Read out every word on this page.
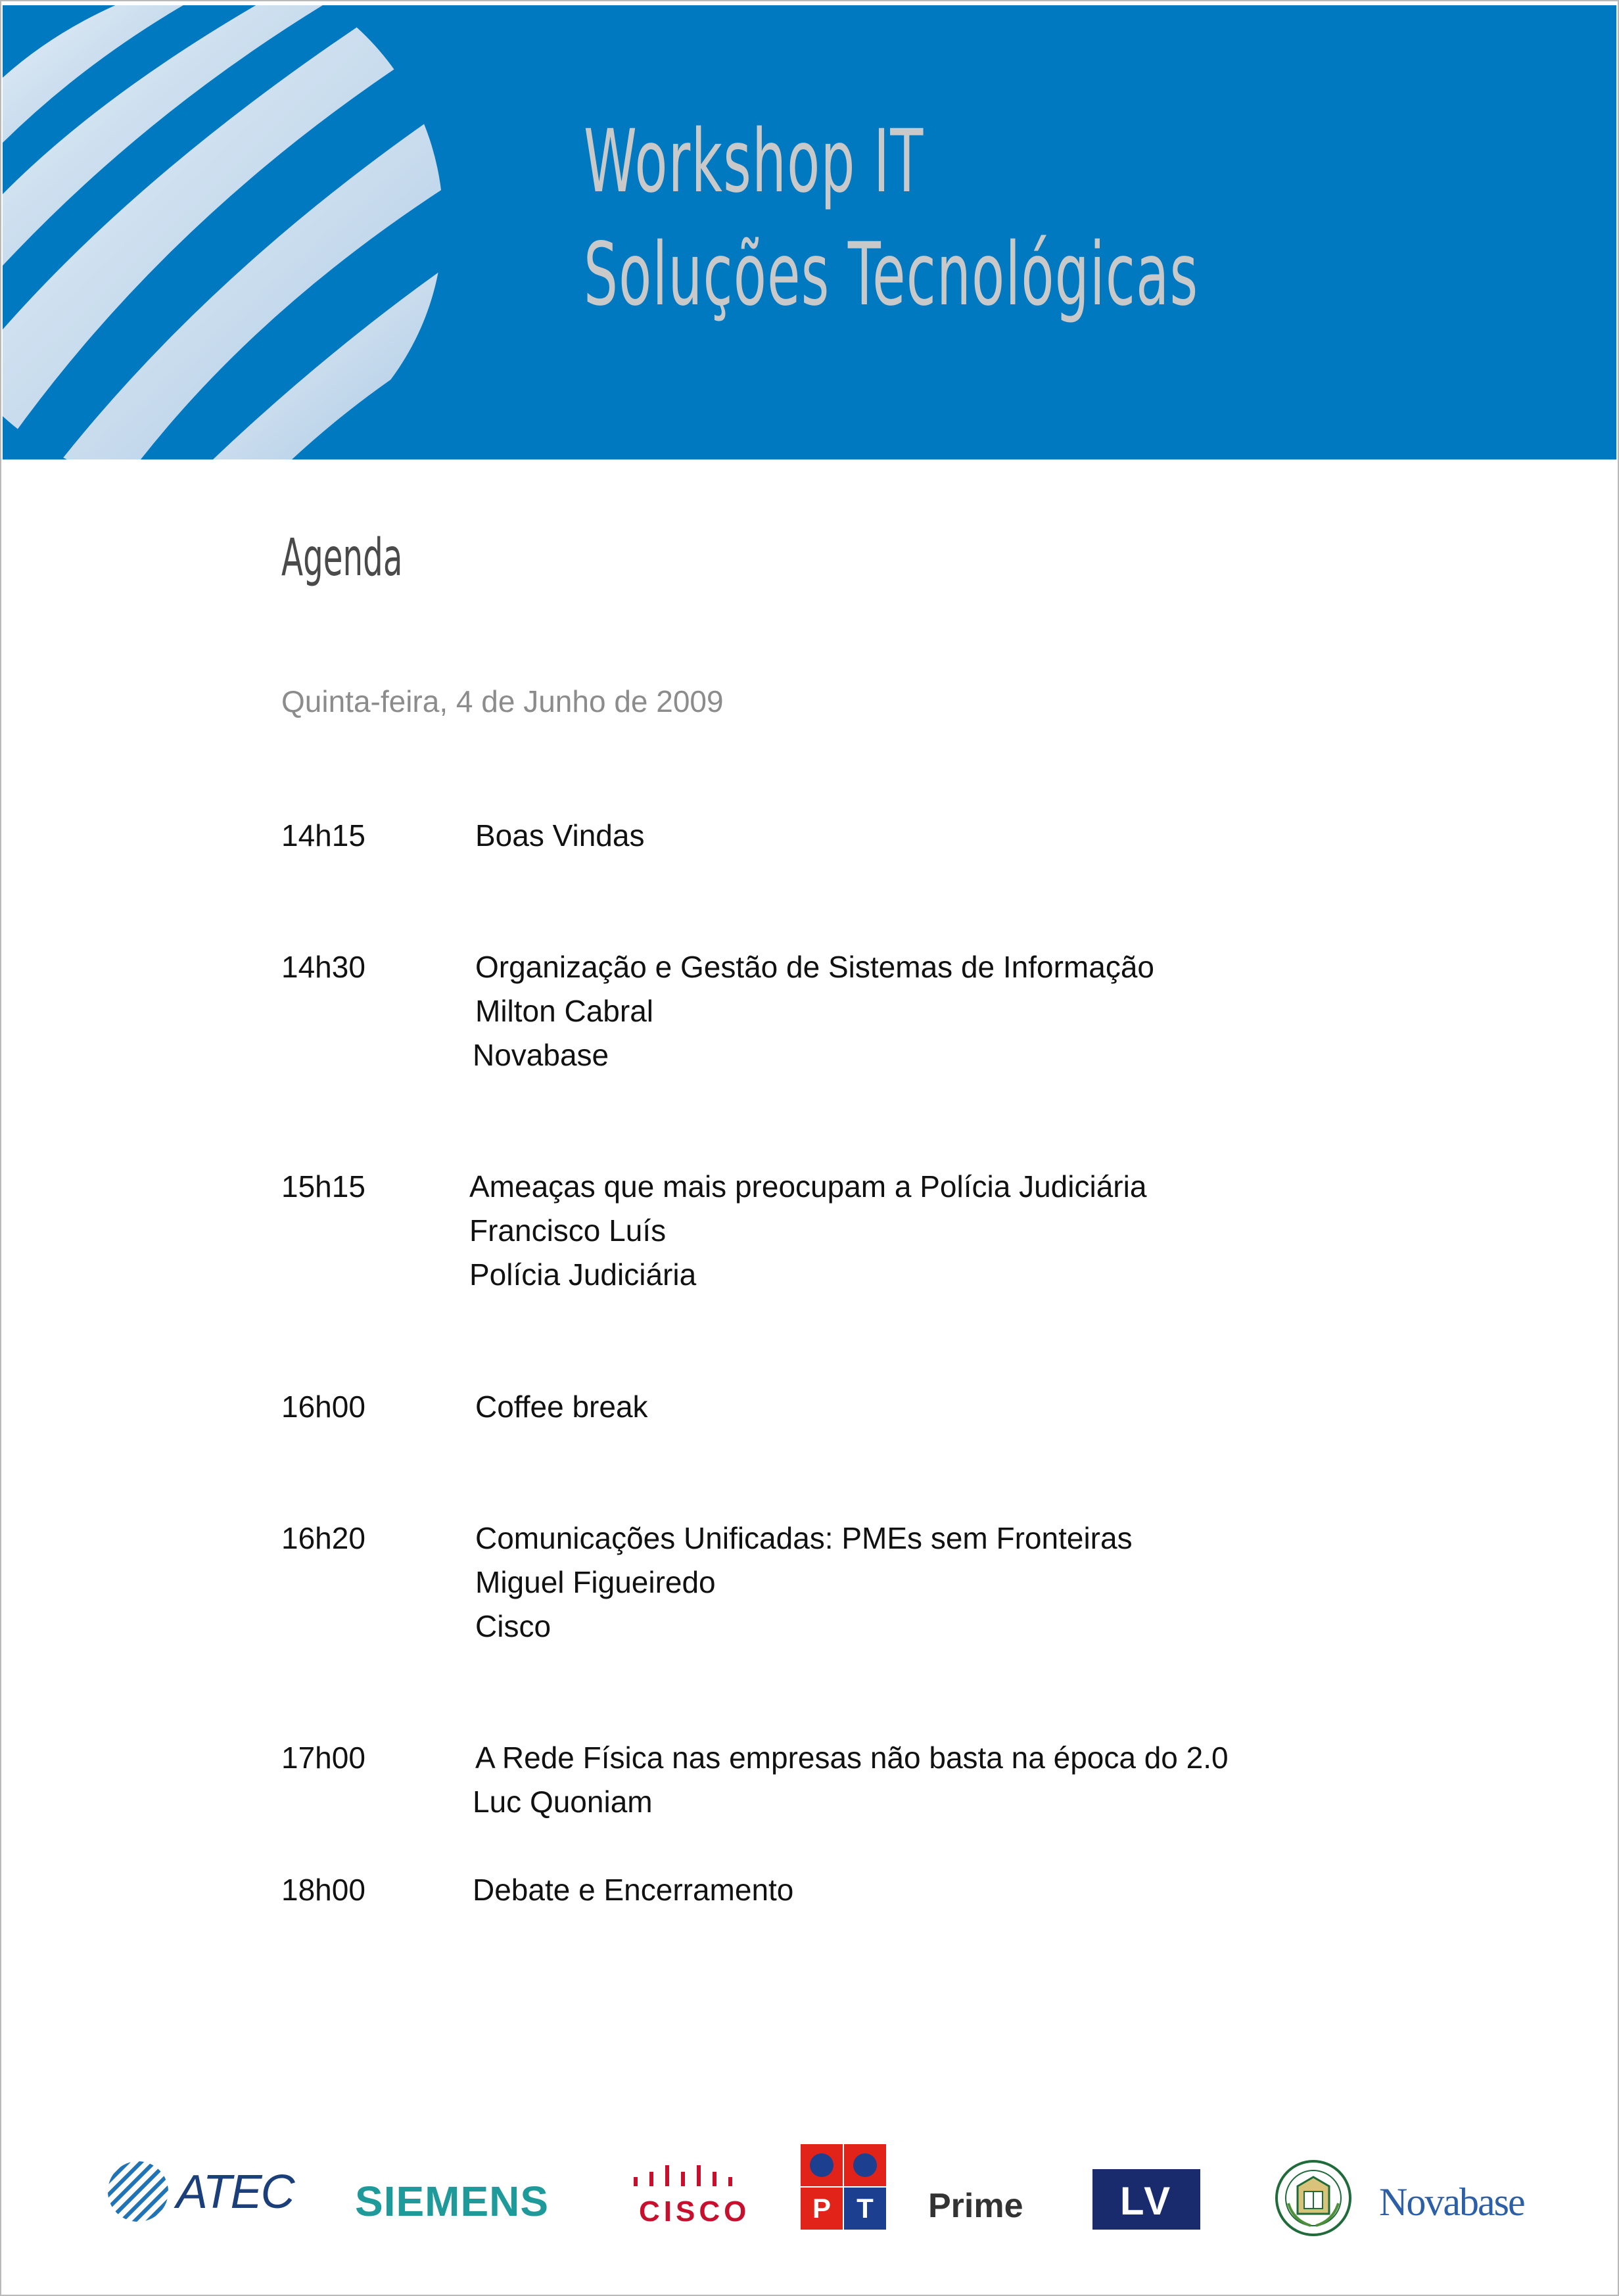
Workshop IT
Soluções Tecnológicas
Agenda
Quinta-feira, 4 de Junho de 2009
14h15	Boas Vindas
14h30	Organização e Gestão de Sistemas de Informação
Milton Cabral
Novabase
15h15	Ameaças que mais preocupam a Polícia Judiciária
Francisco Luís
Polícia Judiciária
16h00	Coffee break
16h20	Comunicações Unificadas: PMEs sem Fronteiras
Miguel Figueiredo
Cisco
17h00	A Rede Física nas empresas não basta na época do 2.0
Luc Quoniam
18h00	Debate e Encerramento
ATEC SIEMENS	CISCO	P T	Prime	LV	Novabase
